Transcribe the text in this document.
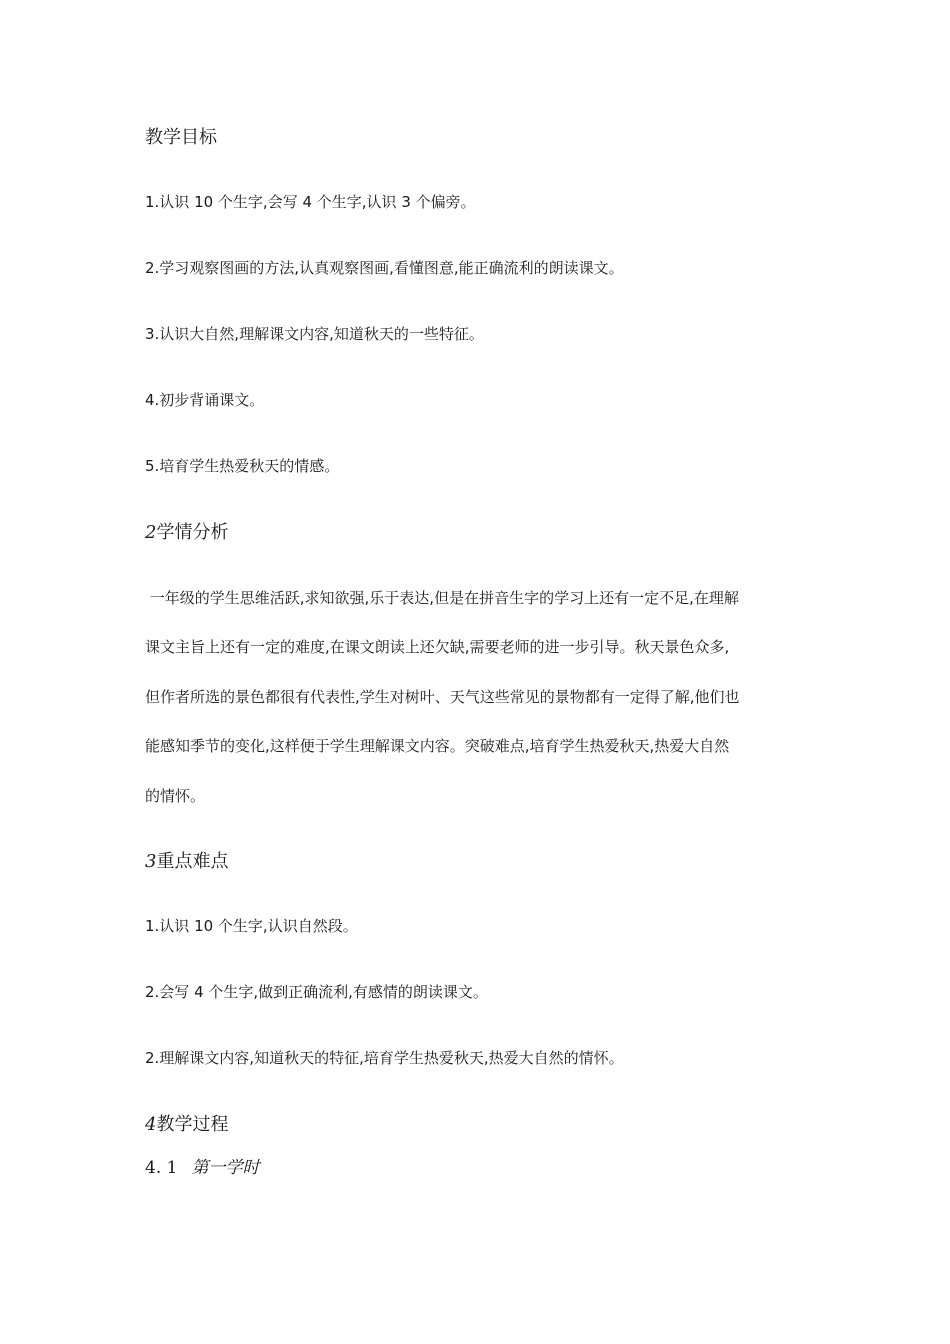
教学目标
1.认识 10 个生字,会写 4 个生字,认识 3 个偏旁。
2.学习观察图画的方法,认真观察图画,看懂图意,能正确流利的朗读课文。
3.认识大自然,理解课文内容,知道秋天的一些特征。
4.初步背诵课文。
5.培育学生热爱秋天的情感。
2学情分析
一年级的学生思维活跃,求知欲强,乐于表达,但是在拼音生字的学习上还有一定不足,在理解
课文主旨上还有一定的难度,在课文朗读上还欠缺,需要老师的进一步引导。秋天景色众多,
但作者所选的景色都很有代表性,学生对树叶、天气这些常见的景物都有一定得了解,他们也
能感知季节的变化,这样便于学生理解课文内容。突破难点,培育学生热爱秋天,热爱大自然
的情怀。
3重点难点
1.认识 10 个生字,认识自然段。
2.会写 4 个生字,做到正确流利,有感情的朗读课文。
2.理解课文内容,知道秋天的特征,培育学生热爱秋天,热爱大自然的情怀。
4教学过程
4. 1 第一学时
